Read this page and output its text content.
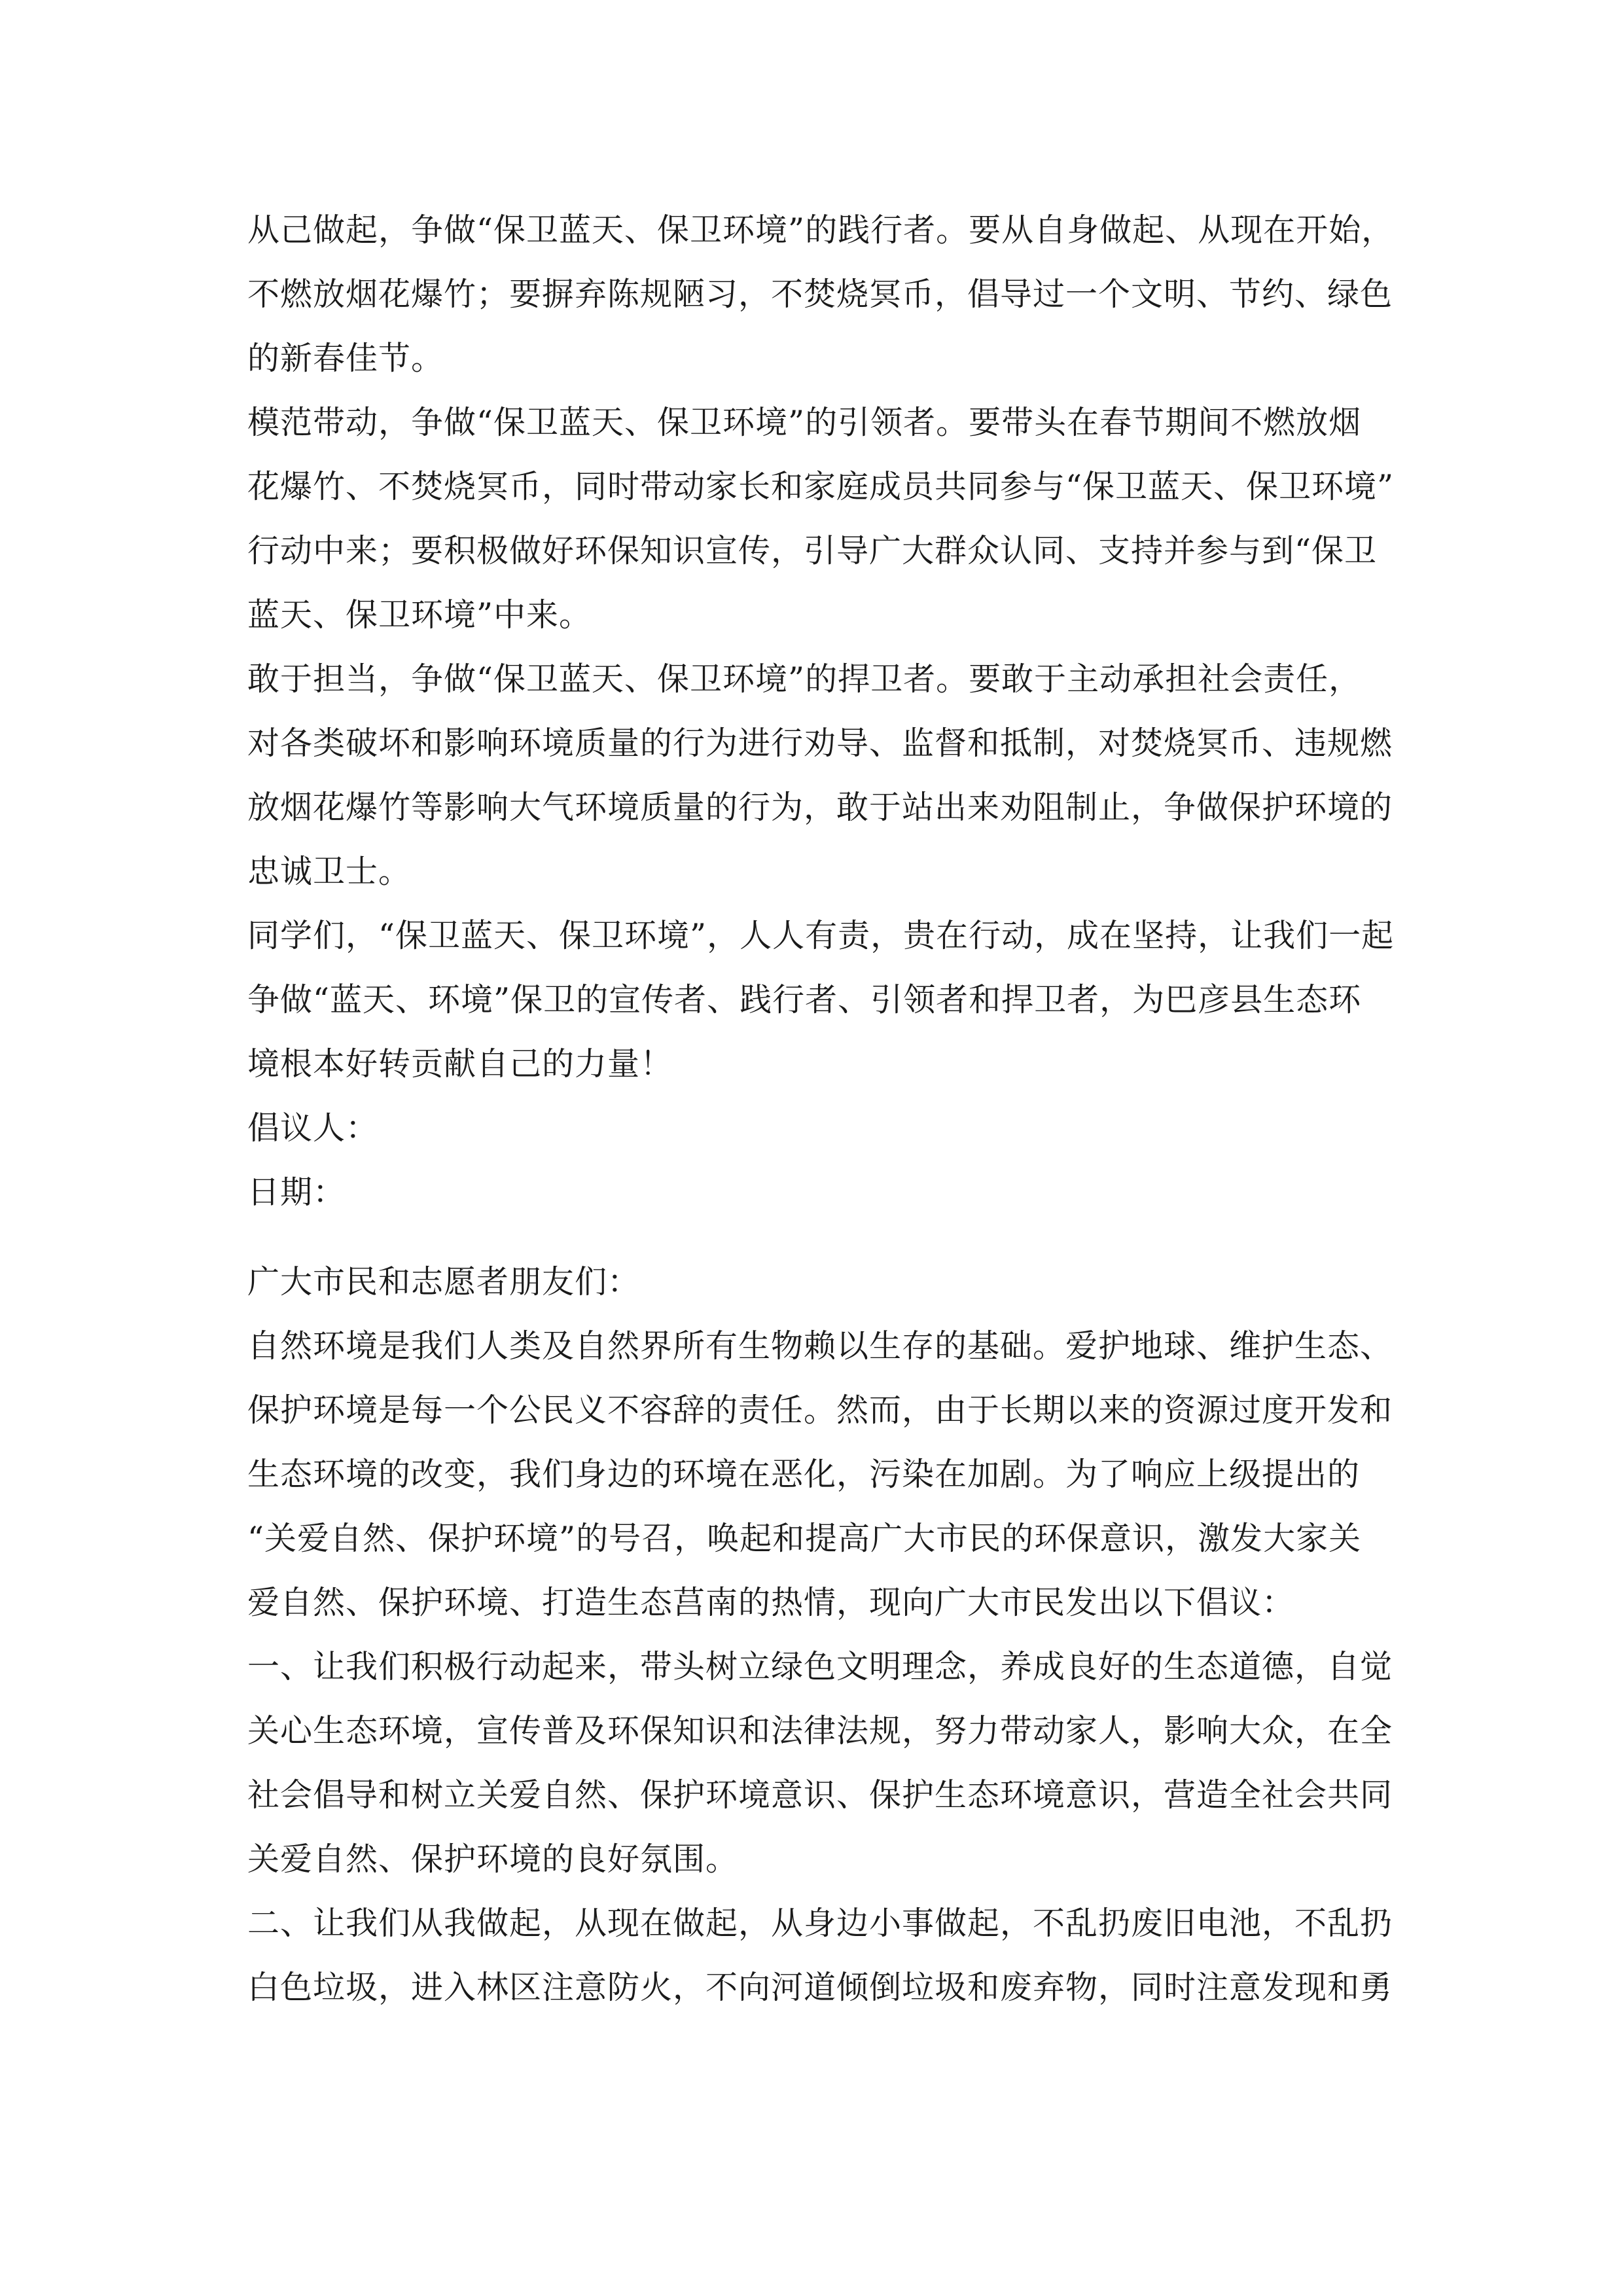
从己做起，争做“保卫蓝天、保卫环境”的践行者。要从自身做起、从现在开始，
不燃放烟花爆竹；要摒弃陈规陋习，不焚烧冥币，倡导过一个文明、节约、绿色
的新春佳节。
模范带动，争做“保卫蓝天、保卫环境”的引领者。要带头在春节期间不燃放烟
花爆竹、不焚烧冥币，同时带动家长和家庭成员共同参与“保卫蓝天、保卫环境”
行动中来；要积极做好环保知识宣传，引导广大群众认同、支持并参与到“保卫
蓝天、保卫环境”中来。
敢于担当，争做“保卫蓝天、保卫环境”的捍卫者。要敢于主动承担社会责任，
对各类破坏和影响环境质量的行为进行劝导、监督和抵制，对焚烧冥币、违规燃
放烟花爆竹等影响大气环境质量的行为，敢于站出来劝阻制止，争做保护环境的
忠诚卫士。
同学们，“保卫蓝天、保卫环境”，人人有责，贵在行动，成在坚持，让我们一起
争做“蓝天、环境”保卫的宣传者、践行者、引领者和捍卫者，为巴彦县生态环
境根本好转贡献自己的力量！
倡议人：
日期：
广大市民和志愿者朋友们：
自然环境是我们人类及自然界所有生物赖以生存的基础。爱护地球、维护生态、
保护环境是每一个公民义不容辞的责任。然而，由于长期以来的资源过度开发和
生态环境的改变，我们身边的环境在恶化，污染在加剧。为了响应上级提出的
“关爱自然、保护环境”的号召，唤起和提高广大市民的环保意识，激发大家关
爱自然、保护环境、打造生态莒南的热情，现向广大市民发出以下倡议：
一、让我们积极行动起来，带头树立绿色文明理念，养成良好的生态道德，自觉
关心生态环境，宣传普及环保知识和法律法规，努力带动家人，影响大众，在全
社会倡导和树立关爱自然、保护环境意识、保护生态环境意识，营造全社会共同
关爱自然、保护环境的良好氛围。
二、让我们从我做起，从现在做起，从身边小事做起，不乱扔废旧电池，不乱扔
白色垃圾，进入林区注意防火，不向河道倾倒垃圾和废弃物，同时注意发现和勇
